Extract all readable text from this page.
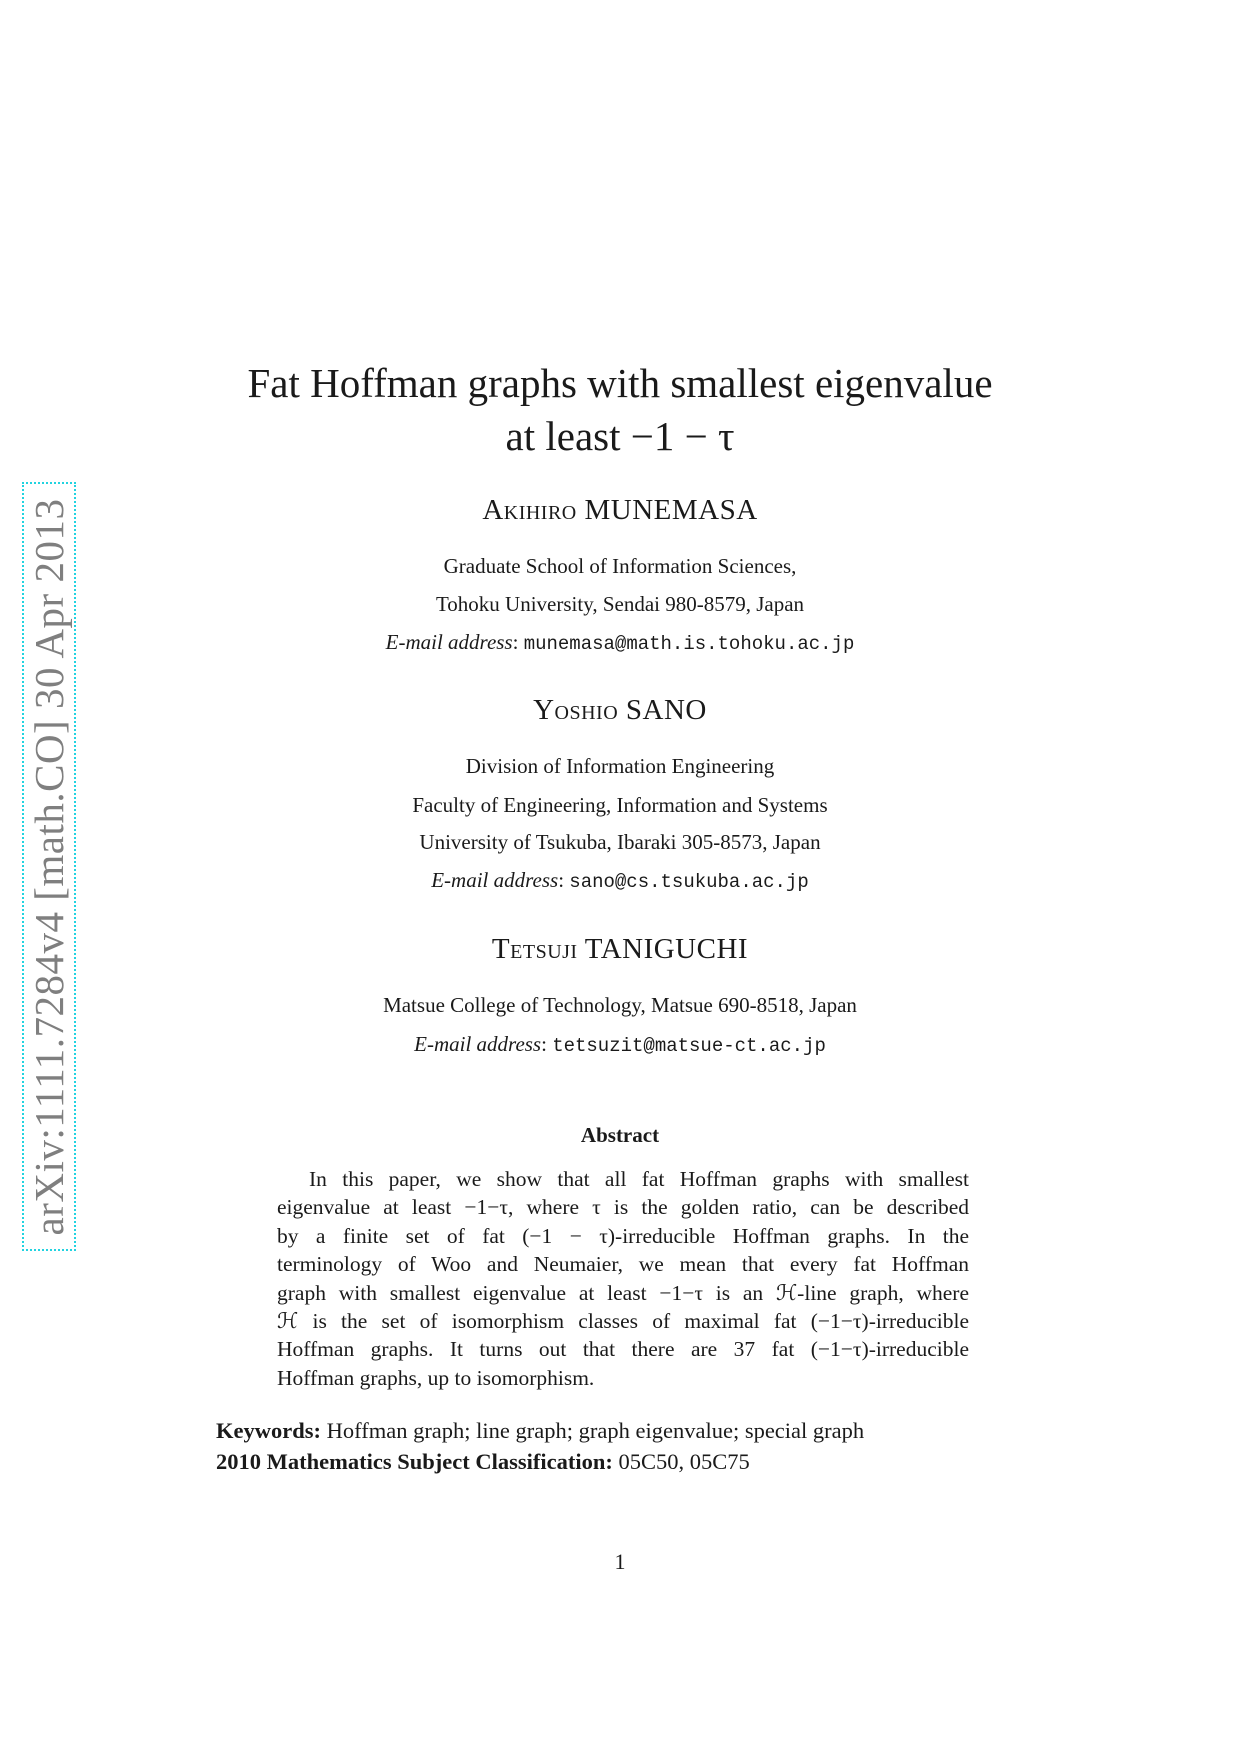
arXiv:1111.7284v4 [math.CO] 30 Apr 2013
Fat Hoffman graphs with smallest eigenvalue
at least −1 − τ
Akihiro MUNEMASA
Graduate School of Information Sciences,
Tohoku University, Sendai 980-8579, Japan
E-mail address: munemasa@math.is.tohoku.ac.jp
Yoshio SANO
Division of Information Engineering
Faculty of Engineering, Information and Systems
University of Tsukuba, Ibaraki 305-8573, Japan
E-mail address: sano@cs.tsukuba.ac.jp
Tetsuji TANIGUCHI
Matsue College of Technology, Matsue 690-8518, Japan
E-mail address: tetsuzit@matsue-ct.ac.jp
Abstract
In this paper, we show that all fat Hoffman graphs with smallest
eigenvalue at least −1−τ, where τ is the golden ratio, can be described
by a finite set of fat (−1 − τ)-irreducible Hoffman graphs. In the
terminology of Woo and Neumaier, we mean that every fat Hoffman
graph with smallest eigenvalue at least −1−τ is an ℋ-line graph, where
ℋ is the set of isomorphism classes of maximal fat (−1−τ)-irreducible
Hoffman graphs. It turns out that there are 37 fat (−1−τ)-irreducible
Hoffman graphs, up to isomorphism.
Keywords: Hoffman graph; line graph; graph eigenvalue; special graph
2010 Mathematics Subject Classification: 05C50, 05C75
1
